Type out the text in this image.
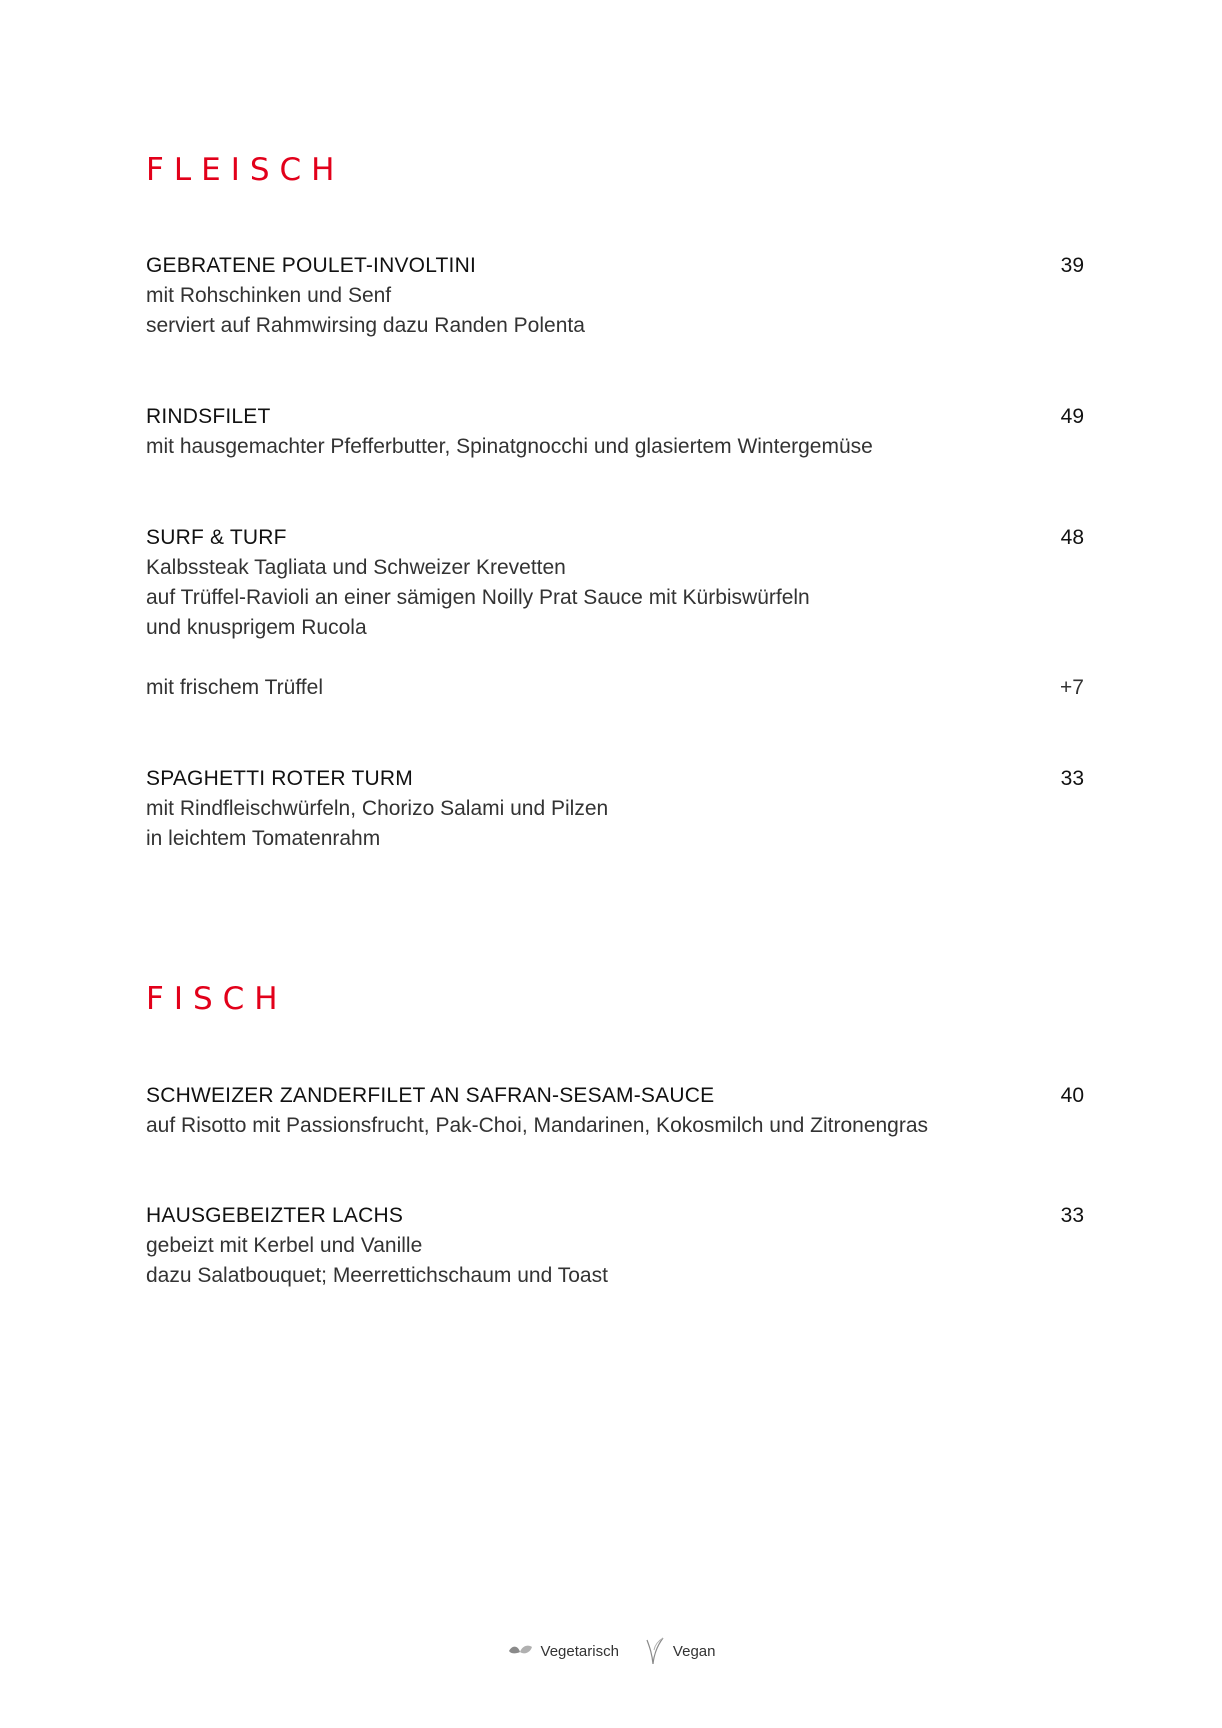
FLEISCH
GEBRATENE POULET-INVOLTINI	39

mit Rohschinken und Senf

serviert auf Rahmwirsing dazu Randen Polenta

RINDSFILET	49

mit hausgemachter Pfefferbutter, Spinatgnocchi und glasiertem Wintergemüse

SURF & TURF	48

Kalbssteak Tagliata und Schweizer Krevetten

auf Trüffel-Ravioli an einer sämigen Noilly Prat Sauce mit Kürbiswürfeln

und knusprigem Rucola

mit frischem Trüffel	+7
SPAGHETTI ROTER TURM	33

mit Rindfleischwürfeln, Chorizo Salami und Pilzen

in leichtem Tomatenrahm

FISCH
SCHWEIZER ZANDERFILET AN SAFRAN-SESAM-SAUCE	40

auf Risotto mit Passionsfrucht, Pak-Choi, Mandarinen, Kokosmilch und Zitronengras

HAUSGEBEIZTER LACHS	33

gebeizt mit Kerbel und Vanille

dazu Salatbouquet; Meerrettichschaum und Toast

Vegetarisch	Vegan
